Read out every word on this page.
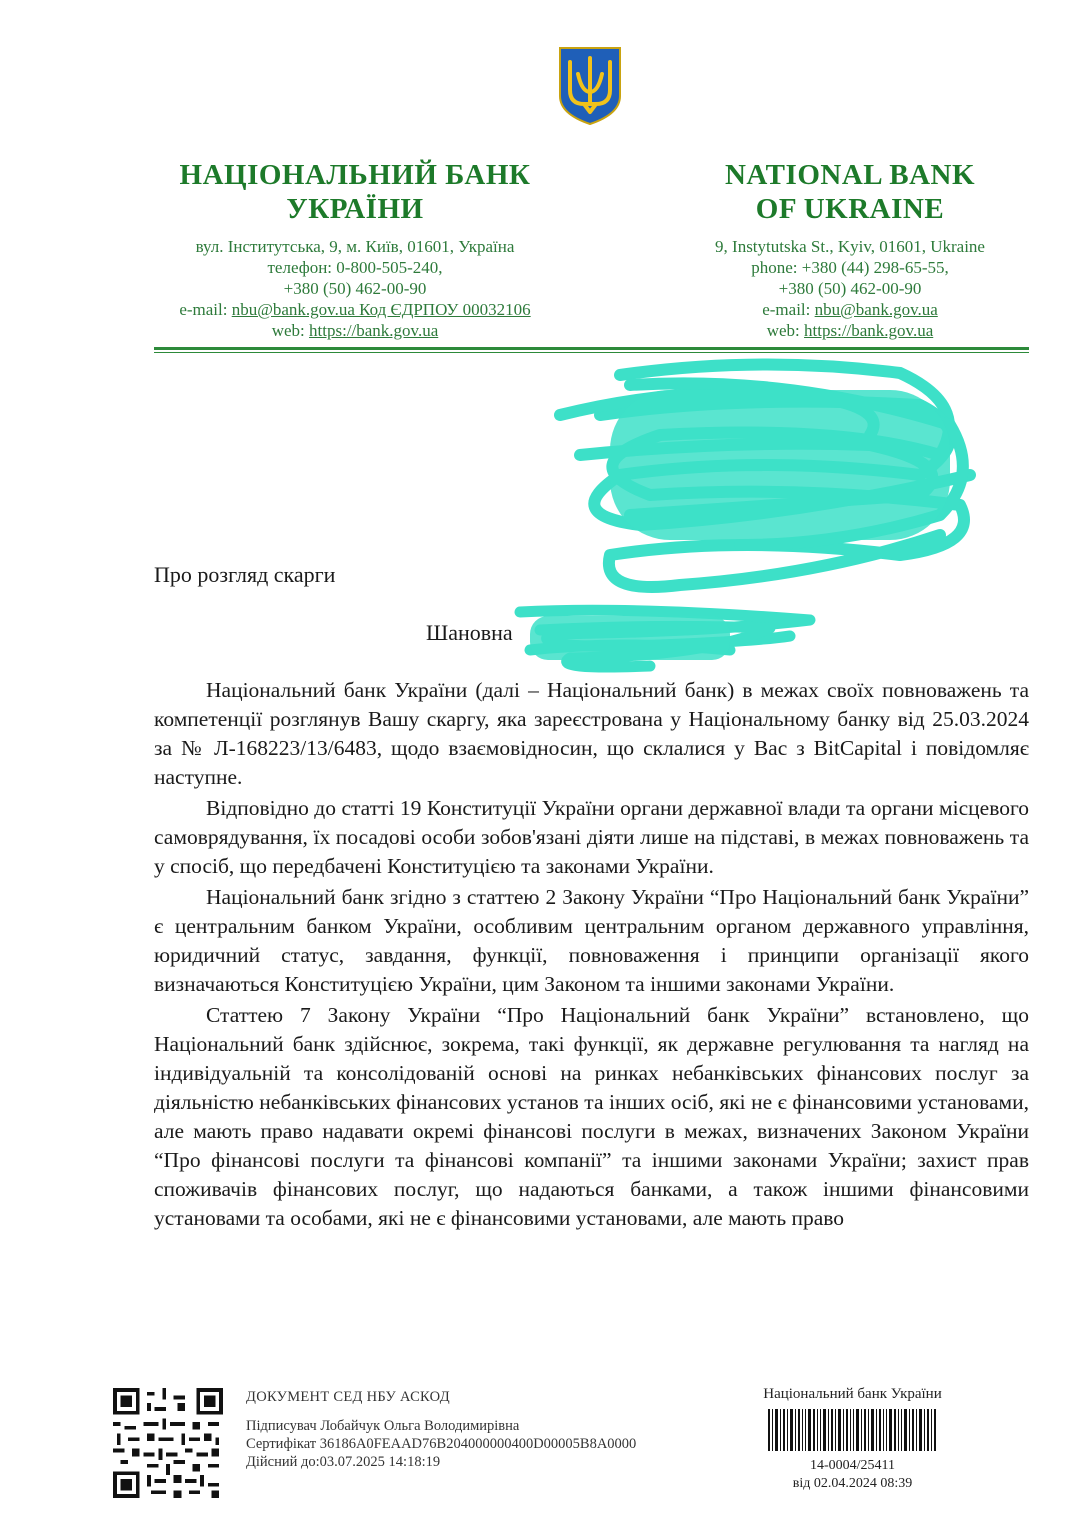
НАЦІОНАЛЬНИЙ БАНК
УКРАЇНИ
NATIONAL BANK
OF UKRAINE
вул. Інститутська, 9, м. Київ, 01601, Україна
телефон: 0-800-505-240,
+380 (50) 462-00-90
e-mail: nbu@bank.gov.ua Код ЄДРПОУ 00032106
web: https://bank.gov.ua
9, Instytutska St., Kyiv, 01601, Ukraine
phone: +380 (44) 298-65-55,
+380 (50) 462-00-90
e-mail: nbu@bank.gov.ua
web: https://bank.gov.ua
Про розгляд скарги
Шановна

Національний банк України (далі – Національний банк) в межах своїх повноважень та компетенції розглянув Вашу скаргу, яка зареєстрована у Національному банку від 25.03.2024 за № Л-168223/13/6483, щодо взаємовідносин, що склалися у Вас з BitCapital і повідомляє наступне.

Відповідно до статті 19 Конституції України органи державної влади та органи місцевого самоврядування, їх посадові особи зобов'язані діяти лише на підставі, в межах повноважень та у спосіб, що передбачені Конституцією та законами України.

Національний банк згідно з статтею 2 Закону України “Про Національний банк України” є центральним банком України, особливим центральним органом державного управління, юридичний статус, завдання, функції, повноваження і принципи організації якого визначаються Конституцією України, цим Законом та іншими законами України.

Статтею 7 Закону України “Про Національний банк України” встановлено, що Національний банк здійснює, зокрема, такі функції, як державне регулювання та нагляд на індивідуальній та консолідованій основі на ринках небанківських фінансових послуг за діяльністю небанківських фінансових установ та інших осіб, які не є фінансовими установами, але мають право надавати окремі фінансові послуги в межах, визначених Законом України “Про фінансові послуги та фінансові компанії” та іншими законами України; захист прав споживачів фінансових послуг, що надаються банками, а також іншими фінансовими установами та особами, які не є фінансовими установами, але мають право

ДОКУМЕНТ СЕД НБУ АСКОД
Підписувач Лобайчук Ольга Володимирівна
Сертифікат 36186A0FEAAD76B204000000400D00005B8A0000
Дійсний до:03.07.2025 14:18:19
Національний банк України
14-0004/25411
від 02.04.2024 08:39
